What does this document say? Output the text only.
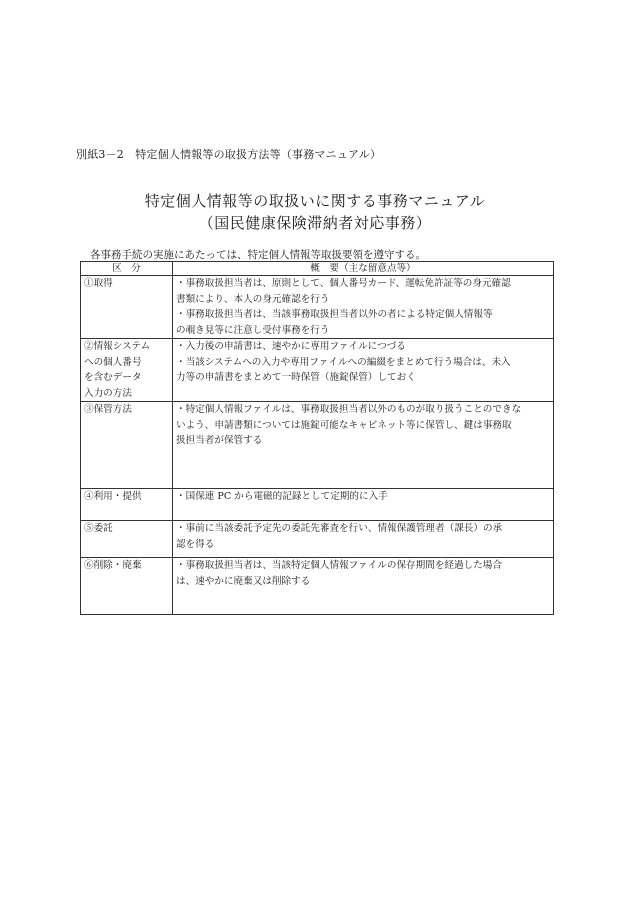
別紙3－2　特定個人情報等の取扱方法等（事務マニュアル）
特定個人情報等の取扱いに関する事務マニュアル
（国民健康保険滞納者対応事務）
各事務手続の実施にあたっては、特定個人情報等取扱要領を遵守する。
区　分	概　要（主な留意点等）

①取得	・事務取扱担当者は、原則として、個人番号カード、運転免許証等の身元確認
書類により、本人の身元確認を行う
・事務取扱担当者は、当該事務取扱担当者以外の者による特定個人情報等
の覗き見等に注意し受付事務を行う

②情報システム
への個人番号
を含むデータ
入力の方法	・入力後の申請書は、速やかに専用ファイルにつづる
・当該システムへの入力や専用ファイルへの編綴をまとめて行う場合は、未入
力等の申請書をまとめて一時保管（施錠保管）しておく

③保管方法	・特定個人情報ファイルは、事務取扱担当者以外のものが取り扱うことのできな
いよう、申請書類については施錠可能なキャビネット等に保管し、鍵は事務取
扱担当者が保管する

④利用・提供	・国保連 PC から電磁的記録として定期的に入手

⑤委託	・事前に当該委託予定先の委託先審査を行い、情報保護管理者（課長）の承
認を得る

⑥削除・廃棄	・事務取扱担当者は、当該特定個人情報ファイルの保存期間を経過した場合
は、速やかに廃棄又は削除する
